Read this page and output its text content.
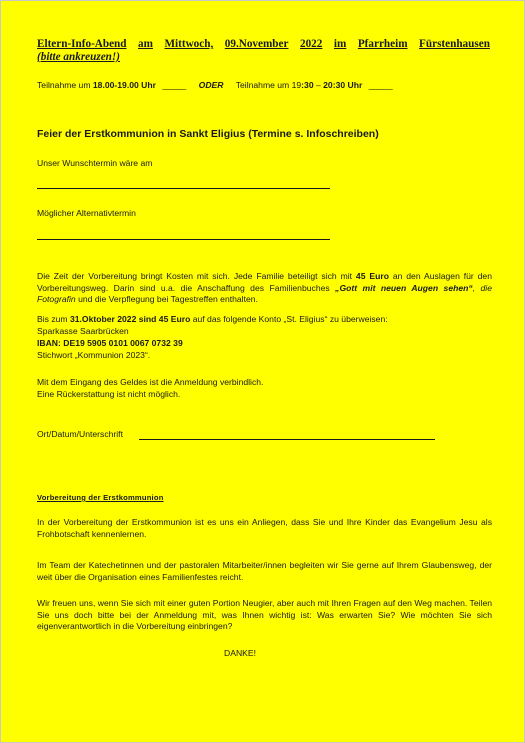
Eltern-Info-Abend am Mittwoch, 09.November 2022 im Pfarrheim Fürstenhausen
(bitte ankreuzen!)
Teilnahme um 18.00-19.00 Uhr _____ ODER Teilnahme um 19:30 – 20:30 Uhr _____
Feier der Erstkommunion in Sankt Eligius (Termine s. Infoschreiben)
Unser Wunschtermin wäre am
Möglicher Alternativtermin
Die Zeit der Vorbereitung bringt Kosten mit sich. Jede Familie beteiligt sich mit 45 Euro an den Auslagen für den Vorbereitungsweg. Darin sind u.a. die Anschaffung des Familienbuches „Gott mit neuen Augen sehen“, die Fotografin und die Verpflegung bei Tagestreffen enthalten.
Bis zum 31.Oktober 2022 sind 45 Euro auf das folgende Konto „St. Eligius“ zu überweisen:
Sparkasse Saarbrücken
IBAN: DE19 5905 0101 0067 0732 39
Stichwort „Kommunion 2023“.
Mit dem Eingang des Geldes ist die Anmeldung verbindlich.
Eine Rückerstattung ist nicht möglich.
Ort/Datum/Unterschrift
Vorbereitung der Erstkommunion
In der Vorbereitung der Erstkommunion ist es uns ein Anliegen, dass Sie und Ihre Kinder das Evangelium Jesu als Frohbotschaft kennenlernen.
Im Team der Katechetinnen und der pastoralen Mitarbeiter/innen begleiten wir Sie gerne auf Ihrem Glaubensweg, der weit über die Organisation eines Familienfestes reicht.
Wir freuen uns, wenn Sie sich mit einer guten Portion Neugier, aber auch mit Ihren Fragen auf den Weg machen. Teilen Sie uns doch bitte bei der Anmeldung mit, was Ihnen wichtig ist: Was erwarten Sie? Wie möchten Sie sich eigenverantwortlich in die Vorbereitung einbringen?
DANKE!
